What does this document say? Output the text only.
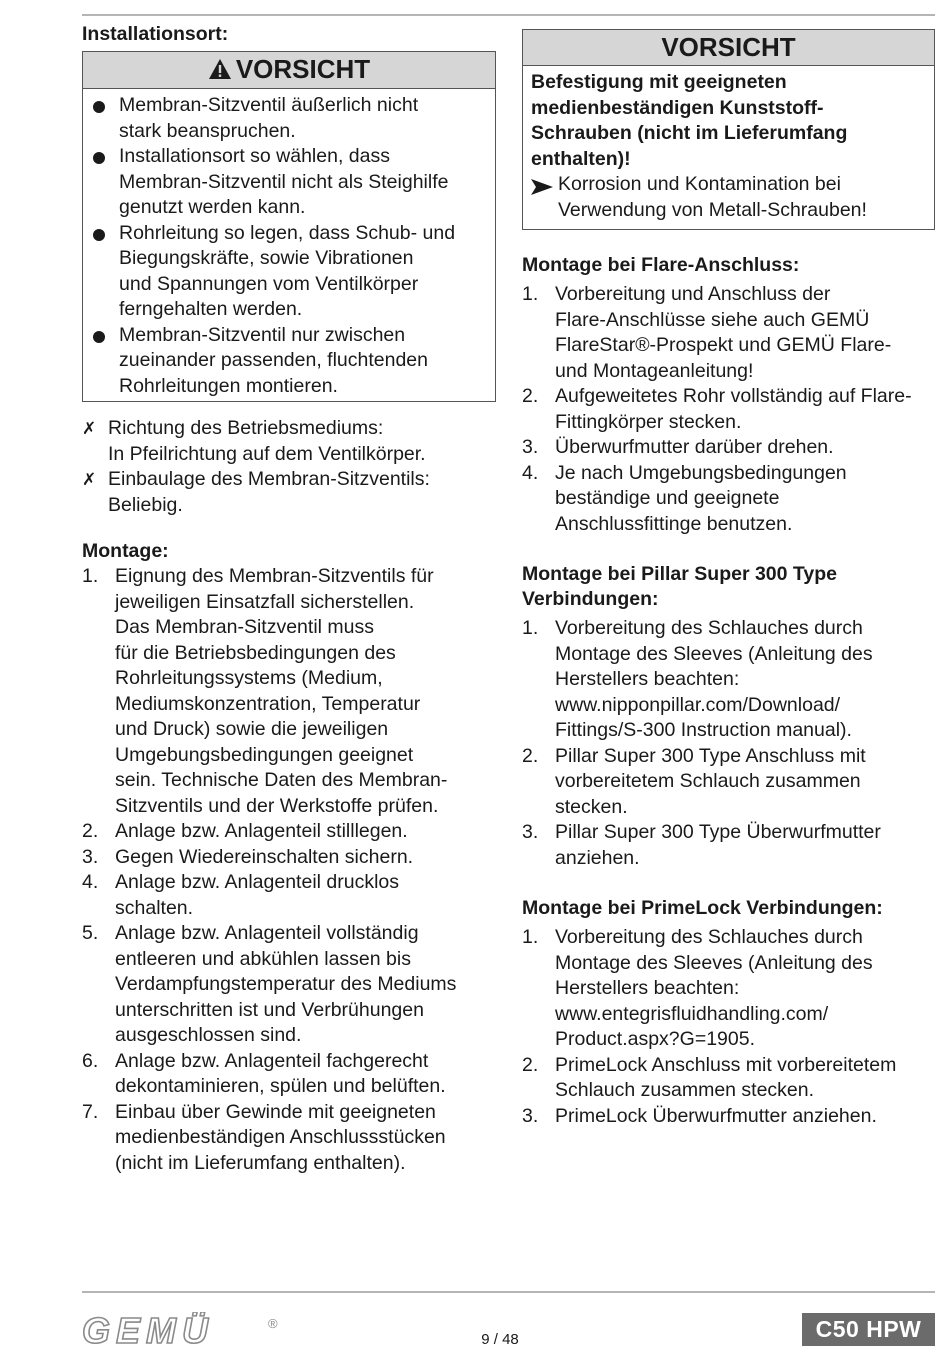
Installationsort:
VORSICHT
Membran-Sitzventil äußerlich nicht
stark beanspruchen.
Installationsort so wählen, dass
Membran-Sitzventil nicht als Steighilfe
genutzt werden kann.
Rohrleitung so legen, dass Schub- und
Biegungskräfte, sowie Vibrationen
und Spannungen vom Ventilkörper
ferngehalten werden.
Membran-Sitzventil nur zwischen
zueinander passenden, fluchtenden
Rohrleitungen montieren.
✗ Richtung des Betriebsmediums:
In Pfeilrichtung auf dem Ventilkörper.
✗ Einbaulage des Membran-Sitzventils:
Beliebig.
Montage:
1. Eignung des Membran-Sitzventils für
jeweiligen Einsatzfall sicherstellen.
Das Membran-Sitzventil muss
für die Betriebsbedingungen des
Rohrleitungssystems (Medium,
Mediumskonzentration, Temperatur
und Druck) sowie die jeweiligen
Umgebungsbedingungen geeignet
sein. Technische Daten des Membran-
Sitzventils und der Werkstoffe prüfen.
2. Anlage bzw. Anlagenteil stilllegen.
3. Gegen Wiedereinschalten sichern.
4. Anlage bzw. Anlagenteil drucklos
schalten.
5. Anlage bzw. Anlagenteil vollständig
entleeren und abkühlen lassen bis
Verdampfungstemperatur des Mediums
unterschritten ist und Verbrühungen
ausgeschlossen sind.
6. Anlage bzw. Anlagenteil fachgerecht
dekontaminieren, spülen und belüften.
7. Einbau über Gewinde mit geeigneten
medienbeständigen Anschlussstücken
(nicht im Lieferumfang enthalten).
VORSICHT
Befestigung mit geeigneten
medienbeständigen Kunststoff-
Schrauben (nicht im Lieferumfang
enthalten)!
Korrosion und Kontamination bei
Verwendung von Metall-Schrauben!
Montage bei Flare-Anschluss:
1. Vorbereitung und Anschluss der
Flare-Anschlüsse siehe auch GEMÜ
FlareStar®-Prospekt und GEMÜ Flare-
und Montageanleitung!
2. Aufgeweitetes Rohr vollständig auf Flare-
Fittingkörper stecken.
3. Überwurfmutter darüber drehen.
4. Je nach Umgebungsbedingungen
beständige und geeignete
Anschlussfittinge benutzen.
Montage bei Pillar Super 300 Type
Verbindungen:
1. Vorbereitung des Schlauches durch
Montage des Sleeves (Anleitung des
Herstellers beachten:
www.nipponpillar.com/Download/
Fittings/S-300 Instruction manual).
2. Pillar Super 300 Type Anschluss mit
vorbereitetem Schlauch zusammen
stecken.
3. Pillar Super 300 Type Überwurfmutter
anziehen.
Montage bei PrimeLock Verbindungen:
1. Vorbereitung des Schlauches durch
Montage des Sleeves (Anleitung des
Herstellers beachten:
www.entegrisfluidhandling.com/
Product.aspx?G=1905.
2. PrimeLock Anschluss mit vorbereitetem
Schlauch zusammen stecken.
3. PrimeLock Überwurfmutter anziehen.
GEMÜ	®
9 / 48	C50 HPW
